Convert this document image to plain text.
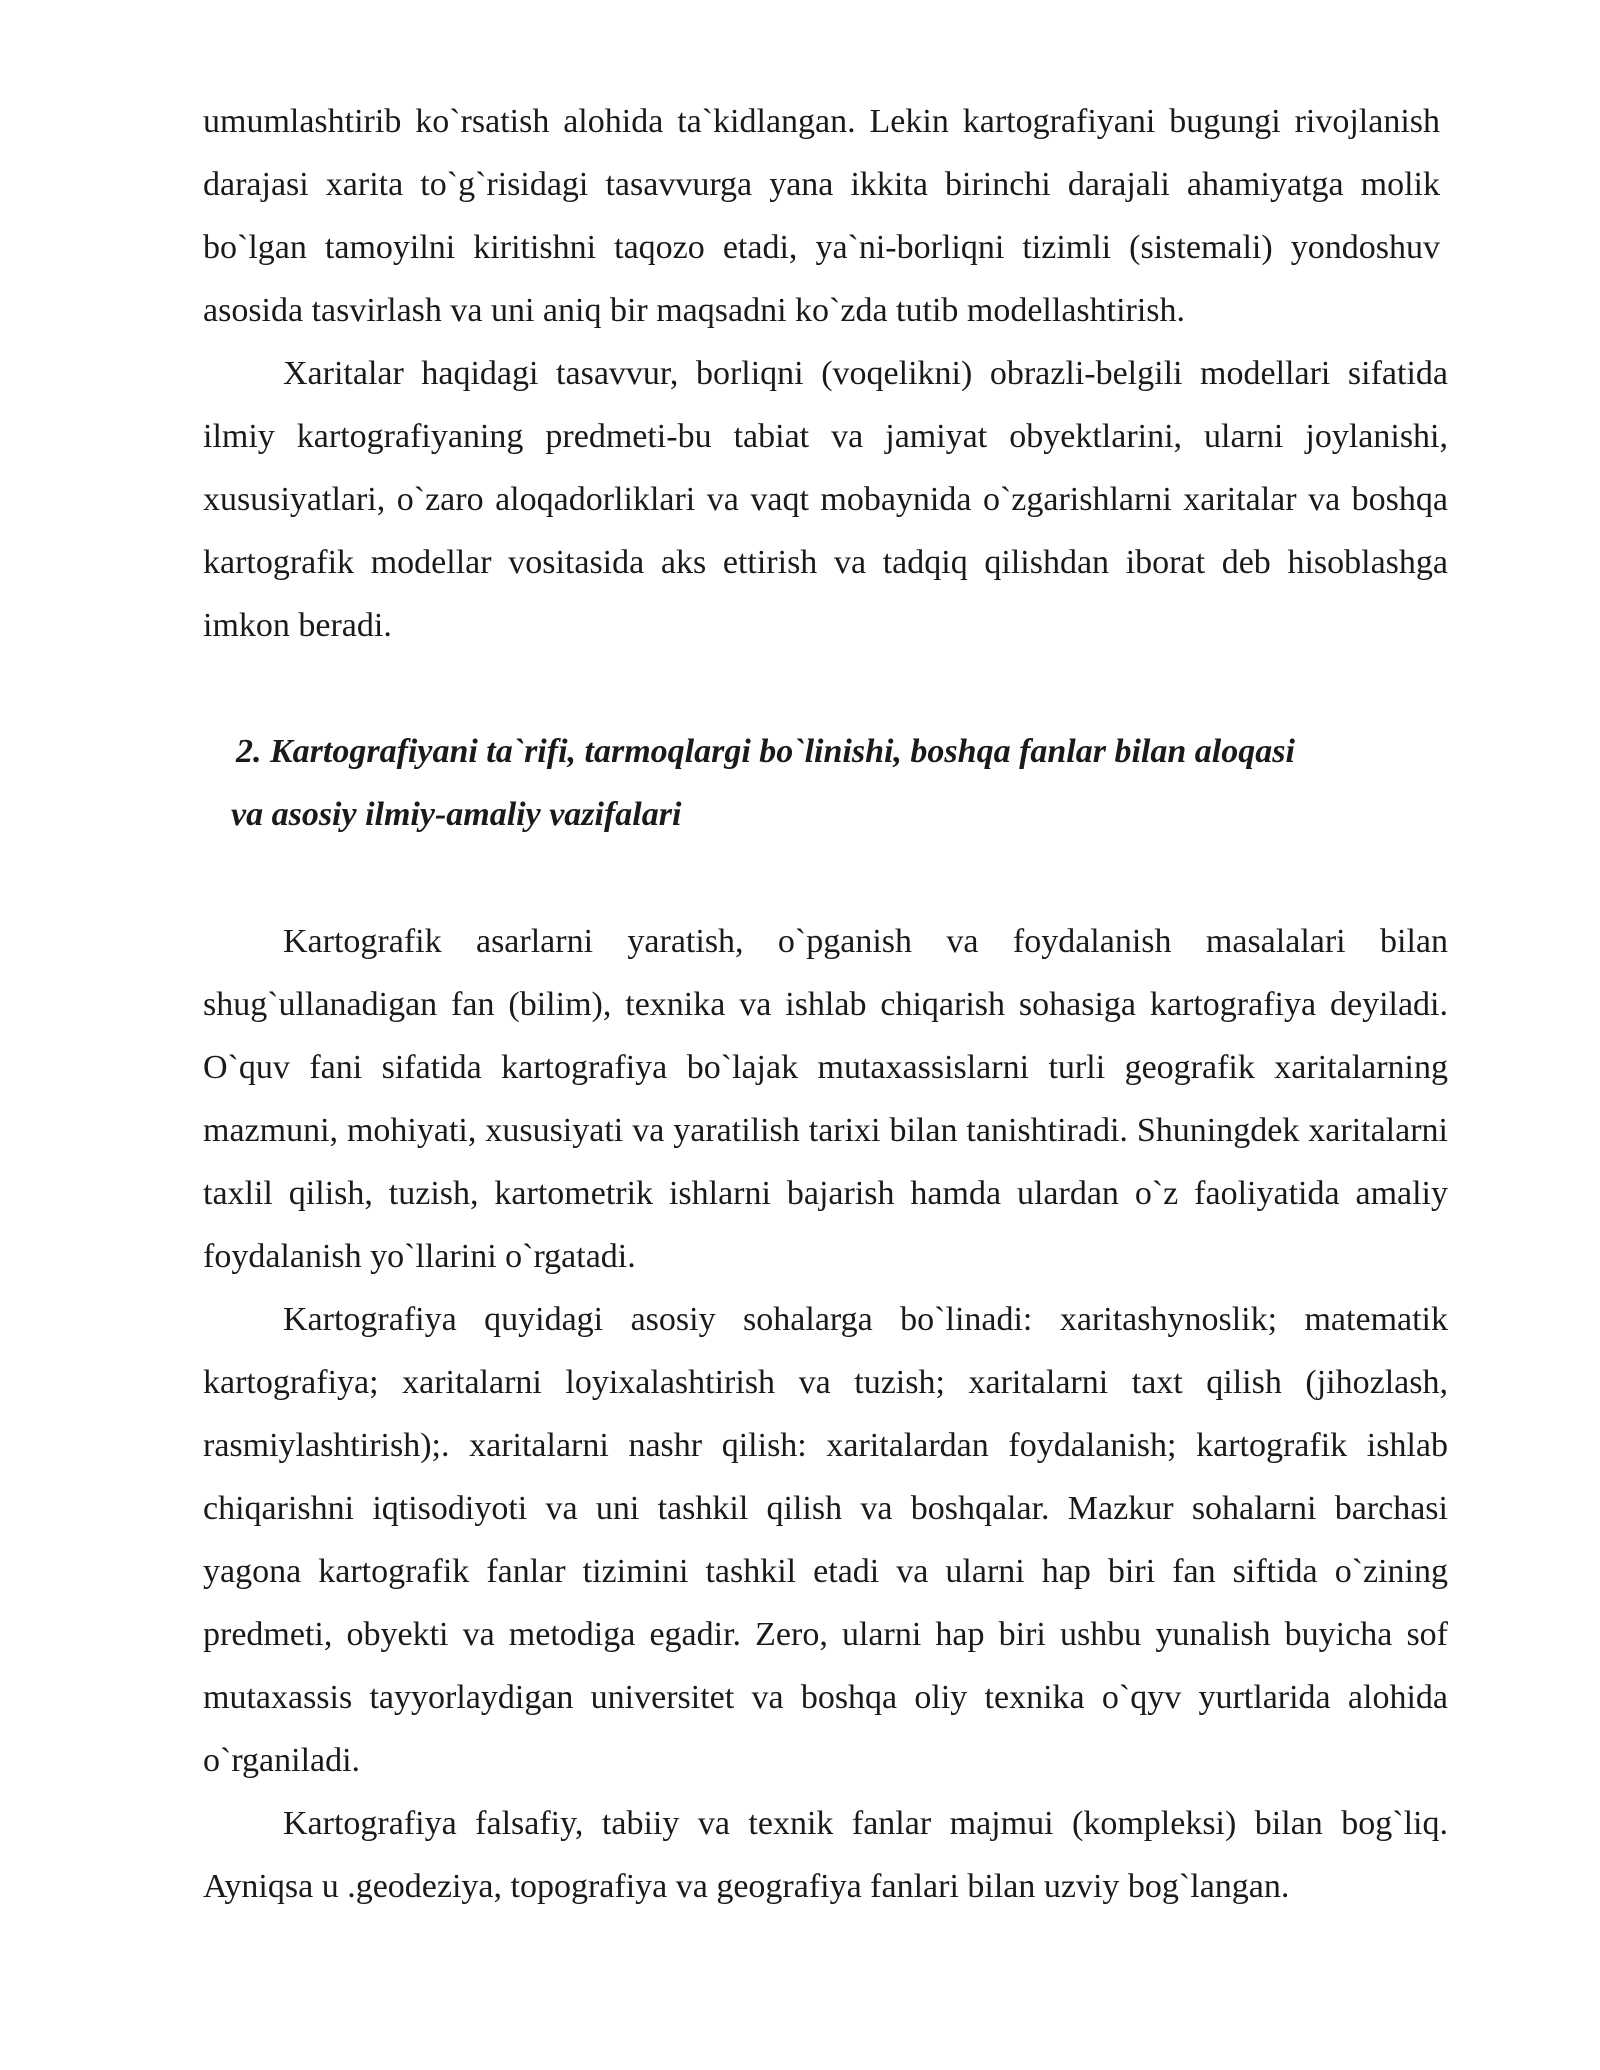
umumlashtirib ko`rsatish alohida ta`kidlangan. Lekin kartografiyani bugungi rivojlanish darajasi xarita to`g`risidagi tasavvurga yana ikkita birinchi darajali ahamiyatga molik bo`lgan tamoyilni kiritishni taqozo etadi, ya`ni-borliqni tizimli (sistemali) yondoshuv asosida tasvirlash va uni aniq bir maqsadni ko`zda tutib modellashtirish.

Xaritalar haqidagi tasavvur, borliqni (voqelikni) obrazli-belgili modellari sifatida ilmiy kartografiyaning predmeti-bu tabiat va jamiyat obyektlarini, ularni joylanishi, xususiyatlari, o`zaro aloqadorliklari va vaqt mobaynida o`zgarishlarni xaritalar va boshqa kartografik modellar vositasida aks ettirish va tadqiq qilishdan iborat deb hisoblashga imkon beradi.

2. Kartografiyani ta`rifi, tarmoqlargi bo`linishi, boshqa fanlar bilan aloqasi
va asosiy ilmiy-amaliy vazifalari

Kartografik asarlarni yaratish, o`pganish va foydalanish masalalari bilan shug`ullanadigan fan (bilim), texnika va ishlab chiqarish sohasiga kartografiya deyiladi. O`quv fani sifatida kartografiya bo`lajak mutaxassislarni turli geografik xaritalarning mazmuni, mohiyati, xususiyati va yaratilish tarixi bilan tanishtiradi. Shuningdek xaritalarni taxlil qilish, tuzish, kartometrik ishlarni bajarish hamda ulardan o`z faoliyatida amaliy foydalanish yo`llarini o`rgatadi.

Kartografiya quyidagi asosiy sohalarga bo`linadi: xaritashynoslik; matematik kartografiya; xaritalarni loyixalashtirish va tuzish; xaritalarni taxt qilish (jihozlash, rasmiylashtirish);. xaritalarni nashr qilish: xaritalardan foydalanish; kartografik ishlab chiqarishni iqtisodiyoti va uni tashkil qilish va boshqalar. Mazkur sohalarni barchasi yagona kartografik fanlar tizimini tashkil etadi va ularni hap biri fan siftida o`zining predmeti, obyekti va metodiga egadir. Zero, ularni hap biri ushbu yunalish buyicha sof mutaxassis tayyorlaydigan universitet va boshqa oliy texnika o`qyv yurtlarida alohida o`rganiladi.

Kartografiya falsafiy, tabiiy va texnik fanlar majmui (kompleksi) bilan bog`liq. Ayniqsa u .geodeziya, topografiya va geografiya fanlari bilan uzviy bog`langan.
